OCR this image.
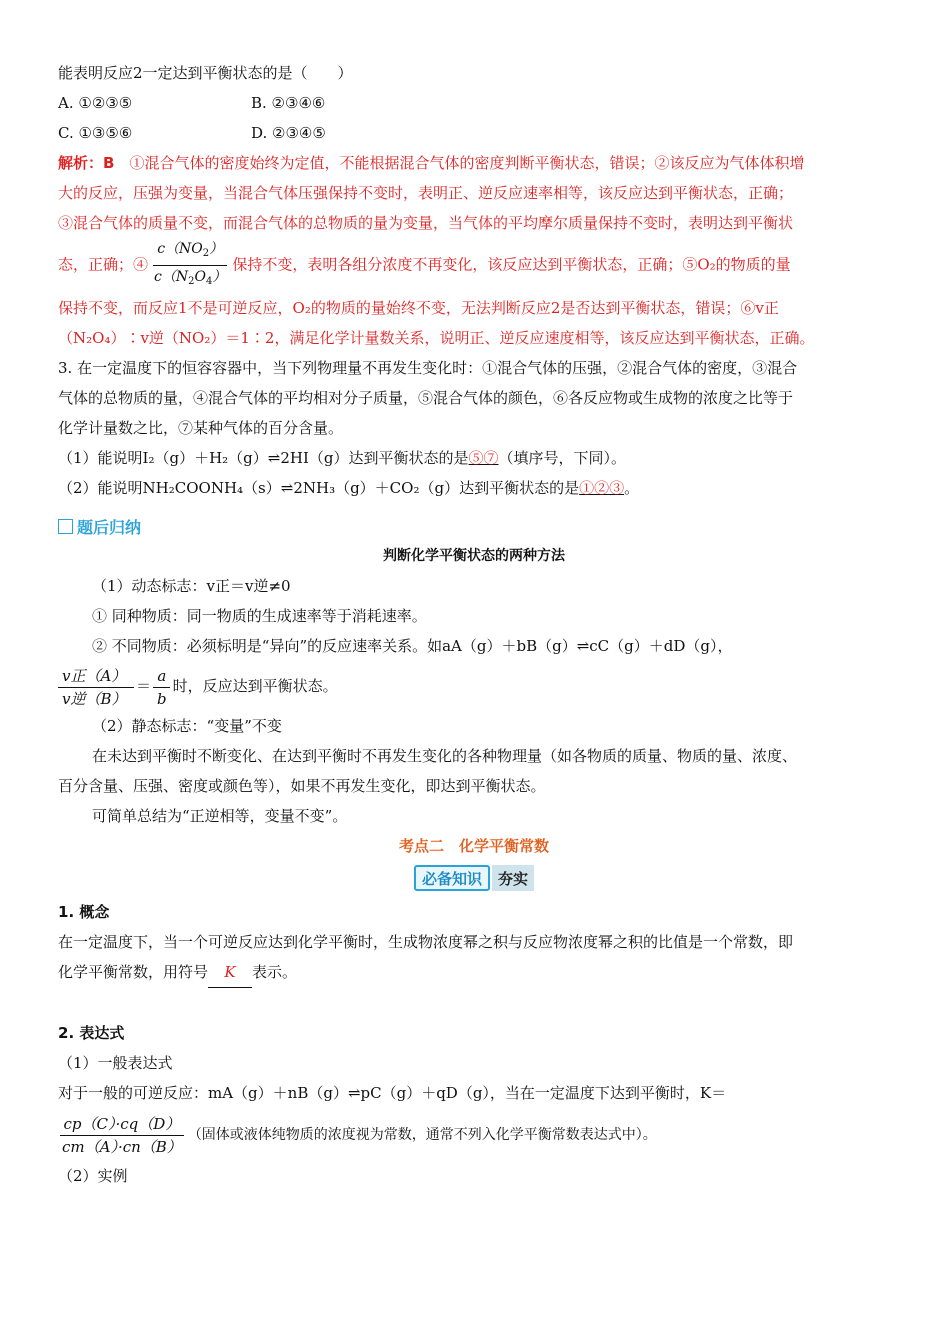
能表明反应2一定达到平衡状态的是（　　）
A. ①②③⑤	B. ②③④⑥
C. ①③⑤⑥	D. ②③④⑤
解析：B　 ①混合气体的密度始终为定值，不能根据混合气体的密度判断平衡状态，错误；②该反应为气体体积增
大的反应，压强为变量，当混合气体压强保持不变时，表明正、逆反应速率相等，该反应达到平衡状态，正确；
③混合气体的质量不变，而混合气体的总物质的量为变量，当气体的平均摩尔质量保持不变时，表明达到平衡状
态，正确；④ $\frac{c(NO_2)}{c(N_2O_4)}$ 保持不变，表明各组分浓度不再变化，该反应达到平衡状态，正确；⑤O₂的物质的量
保持不变，而反应1不是可逆反应，O₂的物质的量始终不变，无法判断反应2是否达到平衡状态，错误；⑥v正
（N₂O₄）∶v逆（NO₂）＝1∶2，满足化学计量数关系，说明正、逆反应速度相等，该反应达到平衡状态，正确。
3. 在一定温度下的恒容容器中，当下列物理量不再发生变化时：①混合气体的压强，②混合气体的密度，③混合
气体的总物质的量，④混合气体的平均相对分子质量，⑤混合气体的颜色，⑥各反应物或生成物的浓度之比等于
化学计量数之比，⑦某种气体的百分含量。
（1）能说明I₂（g）＋H₂（g）⇌2HI（g）达到平衡状态的是⑤⑦（填序号，下同）。
（2）能说明NH₂COONH₄（s）⇌2NH₃（g）＋CO₂（g）达到平衡状态的是①②③。
题后归纳
判断化学平衡状态的两种方法
（1）动态标志：v正＝v逆≠0
① 同种物质：同一物质的生成速率等于消耗速率。
② 不同物质：必须标明是“异向”的反应速率关系。如aA（g）＋bB（g）⇌cC（g）＋dD（g），
$\frac{\text{v正（A）}}{\text{v逆（B）}} = \frac{a}{b}$ 时，反应达到平衡状态。
（2）静态标志：“变量”不变
在未达到平衡时不断变化、在达到平衡时不再发生变化的各种物理量（如各物质的质量、物质的量、浓度、
百分含量、压强、密度或颜色等），如果不再发生变化，即达到平衡状态。
可简单总结为“正逆相等，变量不变”。
考点二　化学平衡常数
必备知识	夯实
1. 概念
在一定温度下，当一个可逆反应达到化学平衡时，生成物浓度幂之积与反应物浓度幂之积的比值是一个常数，即
化学平衡常数，用符号 K 表示。
2. 表达式
（1）一般表达式
对于一般的可逆反应：mA（g）＋nB（g）⇌pC（g）＋qD（g），当在一定温度下达到平衡时，K＝
$\frac{cp(C)\cdot cq(D)}{cm(A)\cdot cn(B)}$ （固体或液体纯物质的浓度视为常数，通常不列入化学平衡常数表达式中）。
（2）实例
